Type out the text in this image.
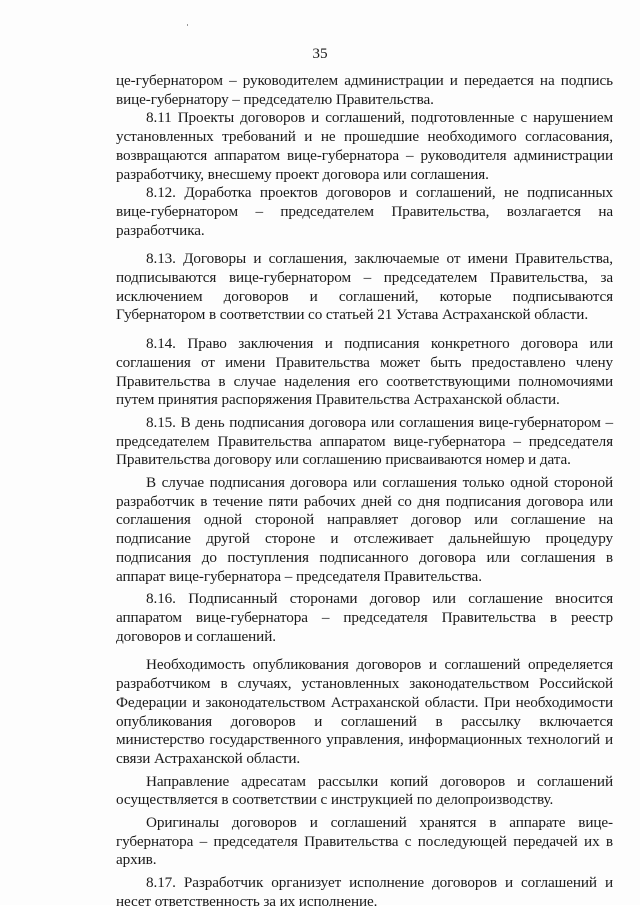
35

це-губернатором – руководителем администрации и передается на подпись вице-губернатору – председателю Правительства.

8.11 Проекты договоров и соглашений, подготовленные с нарушением установленных требований и не прошедшие необходимого согласования, возвращаются аппаратом вице-губернатора – руководителя администрации разработчику, внесшему проект договора или соглашения.

8.12. Доработка проектов договоров и соглашений, не подписанных вице-губернатором – председателем Правительства, возлагается на разработчика.

8.13. Договоры и соглашения, заключаемые от имени Правительства, подписываются вице-губернатором – председателем Правительства, за исключением договоров и соглашений, которые подписываются Губернатором в соответствии со статьей 21 Устава Астраханской области.

8.14. Право заключения и подписания конкретного договора или соглашения от имени Правительства может быть предоставлено члену Правительства в случае наделения его соответствующими полномочиями путем принятия распоряжения Правительства Астраханской области.

8.15. В день подписания договора или соглашения вице-губернатором – председателем Правительства аппаратом вице-губернатора – председателя Правительства договору или соглашению присваиваются номер и дата.

В случае подписания договора или соглашения только одной стороной разработчик в течение пяти рабочих дней со дня подписания договора или соглашения одной стороной направляет договор или соглашение на подписание другой стороне и отслеживает дальнейшую процедуру подписания до поступления подписанного договора или соглашения в аппарат вице-губернатора – председателя Правительства.

8.16. Подписанный сторонами договор или соглашение вносится аппаратом вице-губернатора – председателя Правительства в реестр договоров и соглашений.

Необходимость опубликования договоров и соглашений определяется разработчиком в случаях, установленных законодательством Российской Федерации и законодательством Астраханской области. При необходимости опубликования договоров и соглашений в рассылку включается министерство государственного управления, информационных технологий и связи Астраханской области.

Направление адресатам рассылки копий договоров и соглашений осуществляется в соответствии с инструкцией по делопроизводству.

Оригиналы договоров и соглашений хранятся в аппарате вице-губернатора – председателя Правительства с последующей передачей их в архив.

8.17. Разработчик организует исполнение договоров и соглашений и несет ответственность за их исполнение.
